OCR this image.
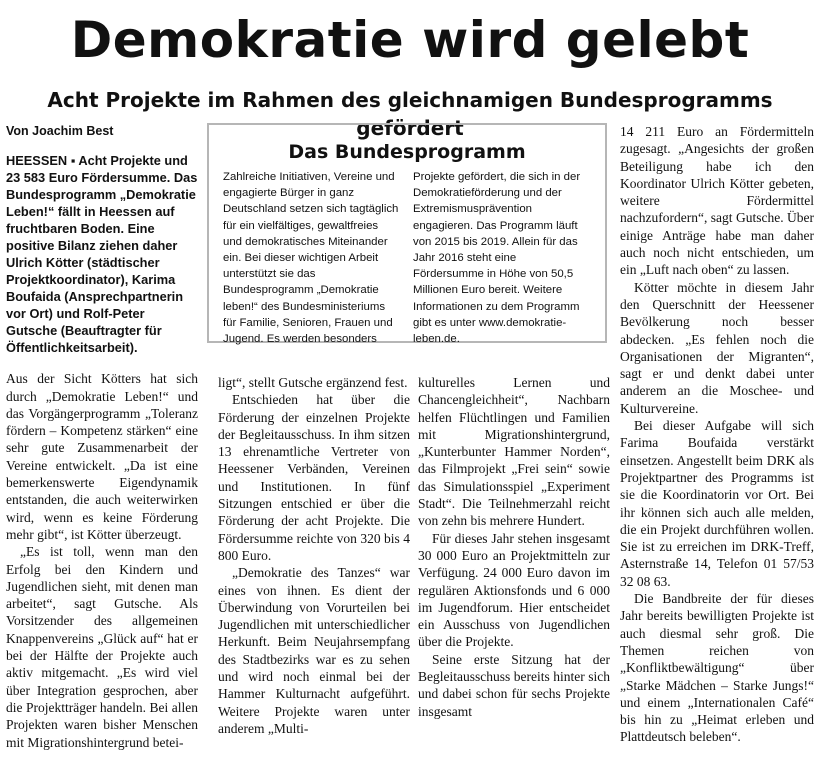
Demokratie wird gelebt
Acht Projekte im Rahmen des gleichnamigen Bundesprogramms gefördert

Von Joachim Best

HEESSEN ▪ Acht Projekte und 23 583 Euro Fördersumme. Das Bundesprogramm „Demokratie Leben!“ fällt in Heessen auf fruchtbaren Boden. Eine positive Bilanz ziehen daher Ulrich Kötter (städtischer Projektkoordinator), Karima Boufaida (Ansprechpartnerin vor Ort) und Rolf-Peter Gutsche (Beauftragter für Öffentlichkeitsarbeit).

Aus der Sicht Kötters hat sich durch „Demokratie Leben!“ und das Vorgängerprogramm „Toleranz fördern – Kompetenz stärken“ eine sehr gute Zusammenarbeit der Vereine entwickelt. „Da ist eine bemerkenswerte Eigendynamik entstanden, die auch weiterwirken wird, wenn es keine Förderung mehr gibt“, ist Kötter überzeugt.

„Es ist toll, wenn man den Erfolg bei den Kindern und Jugendlichen sieht, mit denen man arbeitet“, sagt Gutsche. Als Vorsitzender des allgemeinen Knappenvereins „Glück auf“ hat er bei der Hälfte der Projekte auch aktiv mitgemacht. „Es wird viel über Integration gesprochen, aber die Projektträger handeln. Bei allen Projekten waren bisher Menschen mit Migrationshintergrund betei-

Das Bundesprogramm

Zahlreiche Initiativen, Vereine und engagierte Bürger in ganz Deutschland setzen sich tagtäglich für ein vielfältiges, gewaltfreies und demokratisches Miteinander ein. Bei dieser wichtigen Arbeit unterstützt sie das Bundesprogramm „Demokratie leben!“ des Bundesministeriums für Familie, Senioren, Frauen und Jugend. Es werden besonders

Projekte gefördert, die sich in der Demokratieförderung und der Extremismusprävention engagieren. Das Programm läuft von 2015 bis 2019. Allein für das Jahr 2016 steht eine Fördersumme in Höhe von 50,5 Millionen Euro bereit. Weitere Informationen zu dem Programm gibt es unter www.demokratie-leben.de.

ligt“, stellt Gutsche ergänzend fest.

Entschieden hat über die Förderung der einzelnen Projekte der Begleitausschuss. In ihm sitzen 13 ehrenamtliche Vertreter von Heessener Verbänden, Vereinen und Institutionen. In fünf Sitzungen entschied er über die Förderung der acht Projekte. Die Fördersumme reichte von 320 bis 4 800 Euro.

„Demokratie des Tanzes“ war eines von ihnen. Es dient der Überwindung von Vorurteilen bei Jugendlichen mit unterschiedlicher Herkunft. Beim Neujahrsempfang des Stadtbezirks war es zu sehen und wird noch einmal bei der Hammer Kulturnacht aufgeführt. Weitere Projekte waren unter anderem „Multi-

kulturelles Lernen und Chancengleichheit“, Nachbarn helfen Flüchtlingen und Familien mit Migrationshintergrund, „Kunterbunter Hammer Norden“, das Filmprojekt „Frei sein“ sowie das Simulationsspiel „Experiment Stadt“. Die Teilnehmerzahl reicht von zehn bis mehrere Hundert.

Für dieses Jahr stehen insgesamt 30 000 Euro an Projektmitteln zur Verfügung. 24 000 Euro davon im regulären Aktionsfonds und 6 000 im Jugendforum. Hier entscheidet ein Ausschuss von Jugendlichen über die Projekte.

Seine erste Sitzung hat der Begleitausschuss bereits hinter sich und dabei schon für sechs Projekte insgesamt

14 211 Euro an Fördermitteln zugesagt. „Angesichts der großen Beteiligung habe ich den Koordinator Ulrich Kötter gebeten, weitere Fördermittel nachzufordern“, sagt Gutsche. Über einige Anträge habe man daher auch noch nicht entschieden, um ein „Luft nach oben“ zu lassen.

Kötter möchte in diesem Jahr den Querschnitt der Heessener Bevölkerung noch besser abdecken. „Es fehlen noch die Organisationen der Migranten“, sagt er und denkt dabei unter anderem an die Moschee- und Kulturvereine.

Bei dieser Aufgabe will sich Farima Boufaida verstärkt einsetzen. Angestellt beim DRK als Projektpartner des Programms ist sie die Koordinatorin vor Ort. Bei ihr können sich auch alle melden, die ein Projekt durchführen wollen. Sie ist zu erreichen im DRK-Treff, Asternstraße 14, Telefon 01 57/53 32 08 63.

Die Bandbreite der für dieses Jahr bereits bewilligten Projekte ist auch diesmal sehr groß. Die Themen reichen von „Konfliktbewältigung“ über „Starke Mädchen – Starke Jungs!“ und einem „Internationalen Café“ bis hin zu „Heimat erleben und Plattdeutsch beleben“.
